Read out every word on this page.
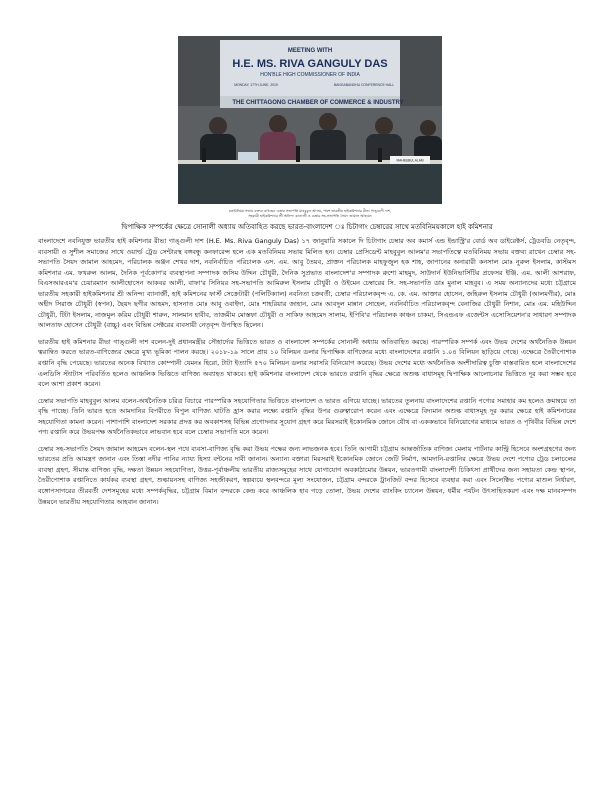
MEETING WITH
H.E. MS. RIVA GANGULY DAS
HON'BLE HIGH COMMISSIONER OF INDIA
MONDAY, 17TH JUNE, 2019	BANGABANDHU CONFERENCE HALL
THE CHITTAGONG CHAMBER OF COMMERCE & INDUSTRY
MAHBUBUL ALAM
মতবিনিময় সভায় বক্তব্য রাখছেন চেম্বার সভাপতি মাহবুবুল আলম, পাশে ভারতীয় হাইকমিশনার রীভা গাঙ্গুলী দাশ,
সহকারী হাইকমিশনার শ্রী অনিন্দ্য ব্যানার্জী ও চেম্বার সহ-সভাপতি সৈয়দ জামাল আহমেদ
দ্বিপাক্ষিক সম্পর্কের ক্ষেত্রে সোনালী অধ্যায় অতিবাহিত করছে ভারত-বাংলাদেশ ঃ চিটাগাং চেম্বারের সাথে মতবিনিময়কালে হাই কমিশনার

বাংলাদেশে নবনিযুক্ত ভারতীয় হাই কমিশনার রীভা গাঙ্গুলী দাশ (H.E. Ms. Riva Ganguly Das) ১৭ জানুয়ারি সকালে দি চিটাগাং চেম্বার অব কমার্স এন্ড ইন্ডাস্ট্রি'র বোর্ড অব ডাইরেক্টর্স, ট্রেডবডি নেতৃবৃন্দ, ব্যবসায়ী ও সুশীল সমাজের সাথে ওয়ার্ল্ড ট্রেড সেন্টারস্থ বঙ্গবন্ধু কনফারেন্স হলে এক মতবিনিময় সভায় মিলিত হন। চেম্বার প্রেসিডেন্ট মাহবুবুল আলম'র সভাপতিত্বে মতবিনিময় সভায় বক্তব্য রাখেন চেম্বার সহ-সভাপতি সৈয়দ জামাল আহমেদ, পরিচালক অঞ্জন শেখর দাশ, নবনির্বাচিত পরিচালক এস. এম. আবু তৈয়ব, প্রাক্তন পরিচালক মাহফুজুল হক শাহ, জাপানের অনারারী কনসাল মোঃ নুরুল ইসলাম, কাস্টমস কমিশনার এম. ফখরুল আলম, দৈনিক পূর্বকোণ'র ব্যবস্থাপনা সম্পাদক জসিম উদ্দিন চৌধুরী, দৈনিক সুপ্রভাত বাংলাদেশ'র সম্পাদক রুশো মাহমুদ, সাউদার্ন ইউনিভার্সিটির প্রফেসর ইঞ্জি. এম. আলী আশরাফ, বিএসআরএম'র চেয়ারম্যান আলীহোসেন আকবর আলী, বাফা'র সিনিয়র সহ-সভাপতি আমিরুল ইসলাম চৌধুরী ও উইমেন চেম্বারের সি. সহ-সভাপতি ডাঃ মুনাল মাহবুব। এ সময় অন্যান্যদের মধ্যে চট্টগ্রামে ভারতীয় সহকারী হাইকমিশনার শ্রী অনিন্দ্য ব্যানার্জী, হাই কমিশনের ফার্স্ট সেক্রেটারী (পলিটিক্যাল) নবনিতা চক্রবর্তী, চেম্বার পরিচালকবৃন্দ এ. কে. এম. আক্তার হোসেন, জহিরুল ইসলাম চৌধুরী (আলমগীর), মোঃ অহীদ সিরাজ চৌধুরী (স্বপন), ছৈয়দ ছগীর আহমদ, হাসনাত মোঃ আবু ওবাইদা, মোঃ শাহরিয়ার জাহান, মোঃ আবদুল মান্নান সোহেল, নবনির্বাচিত পরিচালকবৃন্দ বেনাজির চৌধুরী নিশান, মোঃ এম. মহিউদ্দিন চৌধুরী, টিটা ইসলাম, নাজমুল করিম চৌধুরী শারুন, সালমান হাবীব, তাজমীম মোস্তফা চৌধুরী ও সাকিফ আহমেদ সালাম, ইপিবি'র পরিচালক কাঞ্চন চাকমা, সিএন্ডএফ এজেন্টস এসোসিয়েশন'র সাধারণ সম্পাদক আলতাফ হোসেন চৌধুরী (বাচ্চু) এবং বিভিন্ন সেক্টরের ব্যবসায়ী নেতৃবৃন্দ উপস্থিত ছিলেন।

ভারতীয় হাই কমিশনার রীভা গাঙ্গুলী দাশ বলেন-দুই প্রধানমন্ত্রীর সৌহার্দ্যের ভিত্তিতে ভারত ও বাংলাদেশ সম্পর্কের সোনালী অধ্যায় অতিবাহিত করছে। পারস্পরিক সম্পর্ক এবং উভয় দেশের অর্থনৈতিক উন্নয়ন ত্বরান্বিত করতে ভারত-বাণিজ্যের ক্ষেত্রে মুখ্য ভূমিকা পালন করছে। ২০১৮-১৯ সালে প্রায় ১০ বিলিয়ন ডলার দ্বিপাক্ষিক বাণিজ্যের মধ্যে বাংলাদেশের রপ্তানি ১.০৪ বিলিয়ন ছাড়িয়ে গেছে। এক্ষেত্রে তৈরীপোশাক রপ্তানি বৃদ্ধি পেয়েছে। ভারতের অনেক বিখ্যাত কোম্পানী যেমনঃ হিরো, টাটা ইত্যাদি ৫৭০ মিলিয়ন ডলার সরাসরি বিনিয়োগ করেছে। উভয় দেশের মধ্যে অর্থনৈতিক অংশীদারিত্ব চুক্তি বাস্তবায়িত হলে বাংলাদেশের এলডিসি স্ট্যাটাস পরিবর্তিত হলেও আঞ্চলিক ভিত্তিতে বাণিজ্য অব্যাহত থাকবে। হাই কমিশনার বাংলাদেশ থেকে ভারতে রপ্তানি বৃদ্ধির ক্ষেত্রে অশুল্ক বাধাসমূহ দ্বিপাক্ষিক আলোচনার ভিত্তিতে দূর করা সম্ভব হবে বলে আশা প্রকাশ করেন।

চেম্বার সভাপতি মাহবুবুল আলম বলেন-অর্থনৈতিক চরিত্র বিচারে পারস্পরিক সহযোগিতার ভিত্তিতে বাংলাদেশ ও ভারত এগিয়ে যাচ্ছে। ভারতের তুলনায় বাংলাদেশের রপ্তানি পণ্যের সমাহার কম হলেও ক্রমান্বয়ে তা বৃদ্ধি পাচ্ছে। তিনি ভারত হতে আমদানির বিপরীতে বিপুল বাণিজ্য ঘাটতি হ্রাস করার লক্ষ্যে রপ্তানি বৃদ্ধির উপর গুরুত্বারোপ করেন এবং এক্ষেত্রে বিদ্যমান অশুল্ক বাধাসমূহ দূর করার ক্ষেত্রে হাই কমিশনারের সহযোগিতা কামনা করেন। পাশাপাশি বাংলাদেশ সরকার প্রদত্ত কর অবকাশসহ বিভিন্ন প্রণোদনার সুযোগ গ্রহণ করে মিরসরাই ইকোনমিক জোনে যৌথ বা এককভাবে বিনিয়োগের মাধ্যমে ভারত ও পৃথিবীর বিভিন্ন দেশে পণ্য রপ্তানি করে উভয়পক্ষ অর্থনৈতিকভাবে লাভবান হবে বলে চেম্বার সভাপতি মনে করেন।

চেম্বার সহ-সভাপতি সৈয়দ জামাল আহমেদ বলেন-স্থল পথে ব্যবসা-বাণিজ্য বৃদ্ধি করা উভয় পক্ষের জন্য লাভজনক হবে। তিনি আগামী চট্টগ্রাম আন্তর্জাতিক বাণিজ্য মেলায় পার্টনার কান্ট্রি হিসেবে অংশগ্রহণের জন্য ভারতের প্রতি আমন্ত্রণ জানান এবং তিস্তা নদীর পানির ন্যায্য হিস্যা বন্টনের দাবী জানান। অন্যান্য বক্তারা মিরসরাই ইকোনমিক জোনে জেটি নির্মাণ, আমদানি-রপ্তানির ক্ষেত্রে উভয় দেশে পণ্যের ট্রেড চলাচলের ব্যবস্থা গ্রহণ, সীমান্ত বাণিজ্য বৃদ্ধি, দক্ষতা উন্নয়ন সহযোগিতা, উত্তর-পূর্বাঞ্চলীয় ভারতীয় রাজ্যসমূহের সাথে যোগাযোগ অবকাঠামোর উন্নয়ন, ভারতগামী বাংলাদেশী চিকিৎসা প্রার্থীদের জন্য সহায়তা কেন্দ্র স্থাপন, তৈরীপোশাক রপ্তানিতে কার্যকর ব্যবস্থা গ্রহণ, শুল্কায়নসহ বাণিজ্য সহজীকরণ, স্বল্পব্যয়ে স্থলবন্দরে মূল্য সংযোজন, চট্টগ্রাম বন্দরকে ট্রানজিট বন্দর হিসেবে ব্যবহার করা এবং সিলেক্টিভ পণ্যের মাশুল নির্ধারণ, বঙ্গোপসাগরের তীরবর্তী দেশসমূহের মধ্যে সম্পর্কবৃদ্ধির, চট্টগ্রাম বিমান বন্দরকে কেন্দ্র করে আঞ্চলিক হাব গড়ে তোলা, উভয় দেশের ব্যাংকিং চ্যানেল উন্নয়ন, ধর্মীয় পর্যটন উৎসাহিতকরণ এবং দক্ষ মানবসম্পদ উন্নয়নে ভারতীয় সহযোগিতার আহবান জানান।
